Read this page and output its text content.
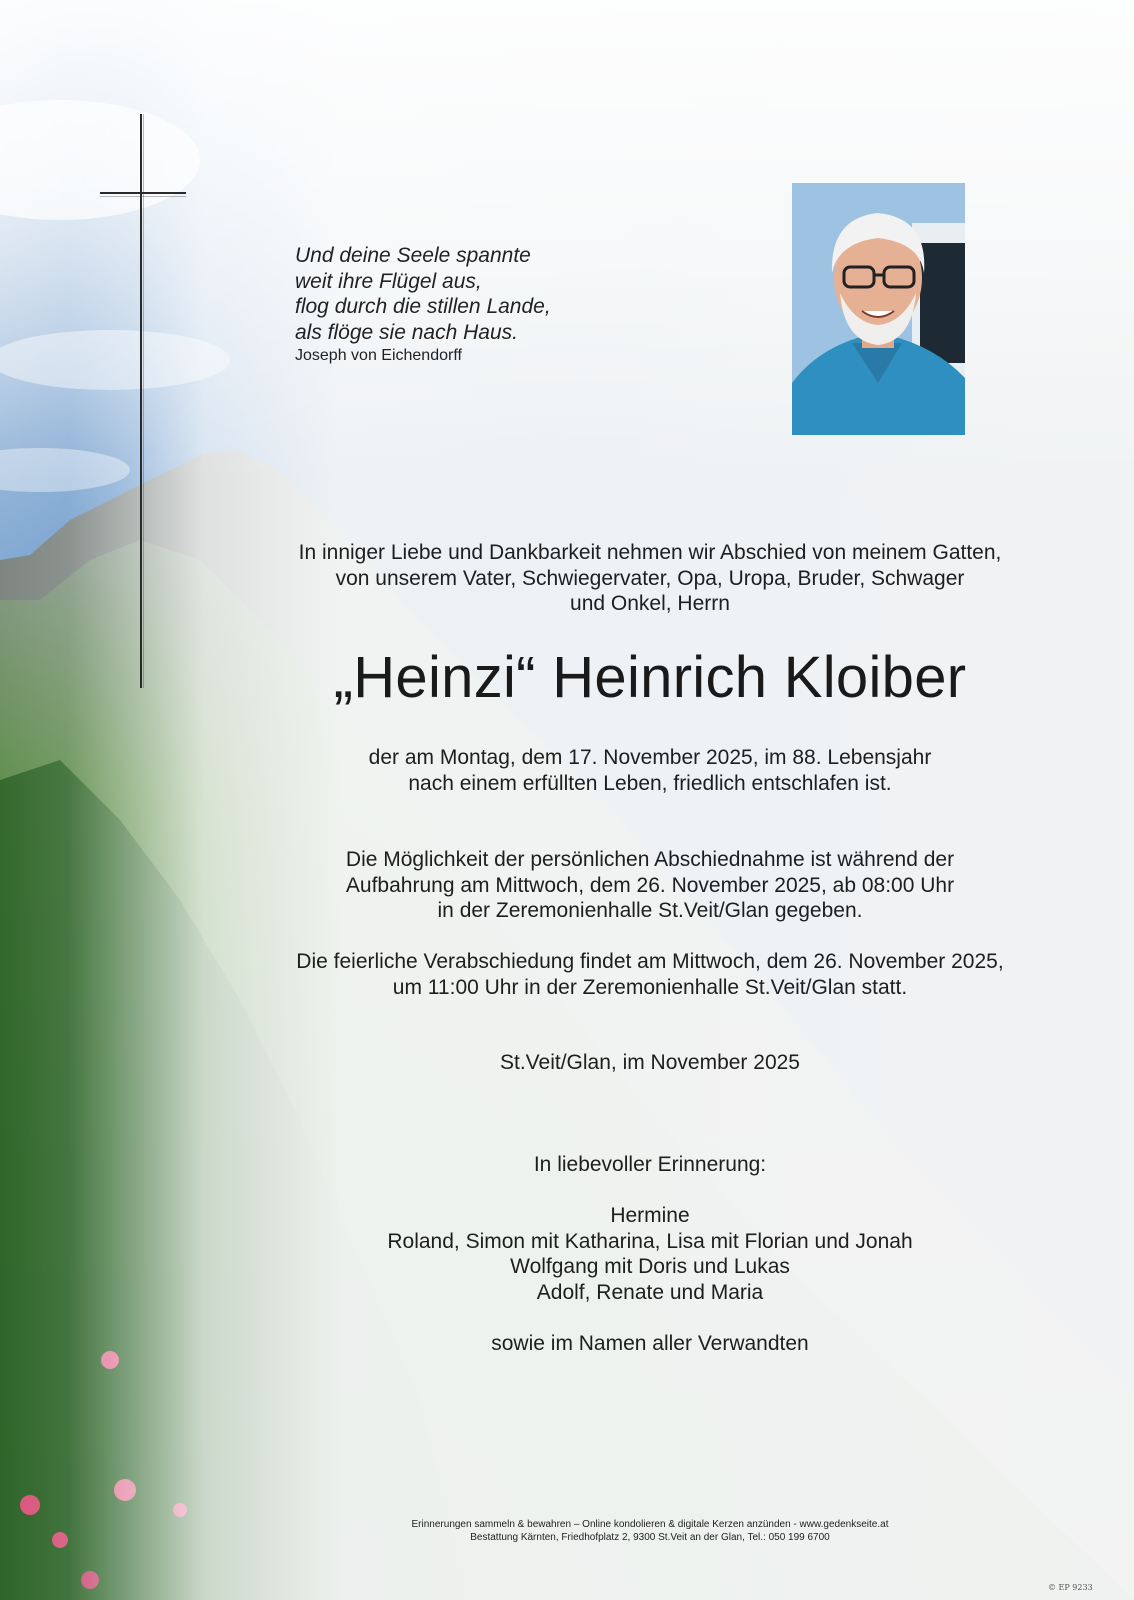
Und deine Seele spannte
weit ihre Flügel aus,
flog durch die stillen Lande,
als flöge sie nach Haus.
Joseph von Eichendorff
In inniger Liebe und Dankbarkeit nehmen wir Abschied von meinem Gatten,
von unserem Vater, Schwiegervater, Opa, Uropa, Bruder, Schwager
und Onkel, Herrn
„Heinzi“ Heinrich Kloiber
der am Montag, dem 17. November 2025, im 88. Lebensjahr
nach einem erfüllten Leben, friedlich entschlafen ist.
Die Möglichkeit der persönlichen Abschiednahme ist während der
Aufbahrung am Mittwoch, dem 26. November 2025, ab 08:00 Uhr
in der Zeremonienhalle St.Veit/Glan gegeben.
Die feierliche Verabschiedung findet am Mittwoch, dem 26. November 2025,
um 11:00 Uhr in der Zeremonienhalle St.Veit/Glan statt.
St.Veit/Glan, im November 2025
In liebevoller Erinnerung:
Hermine
Roland, Simon mit Katharina, Lisa mit Florian und Jonah
Wolfgang mit Doris und Lukas
Adolf, Renate und Maria
sowie im Namen aller Verwandten
Erinnerungen sammeln & bewahren – Online kondolieren & digitale Kerzen anzünden - www.gedenkseite.at
Bestattung Kärnten, Friedhofplatz 2, 9300 St.Veit an der Glan, Tel.: 050 199 6700
© EP 9233
